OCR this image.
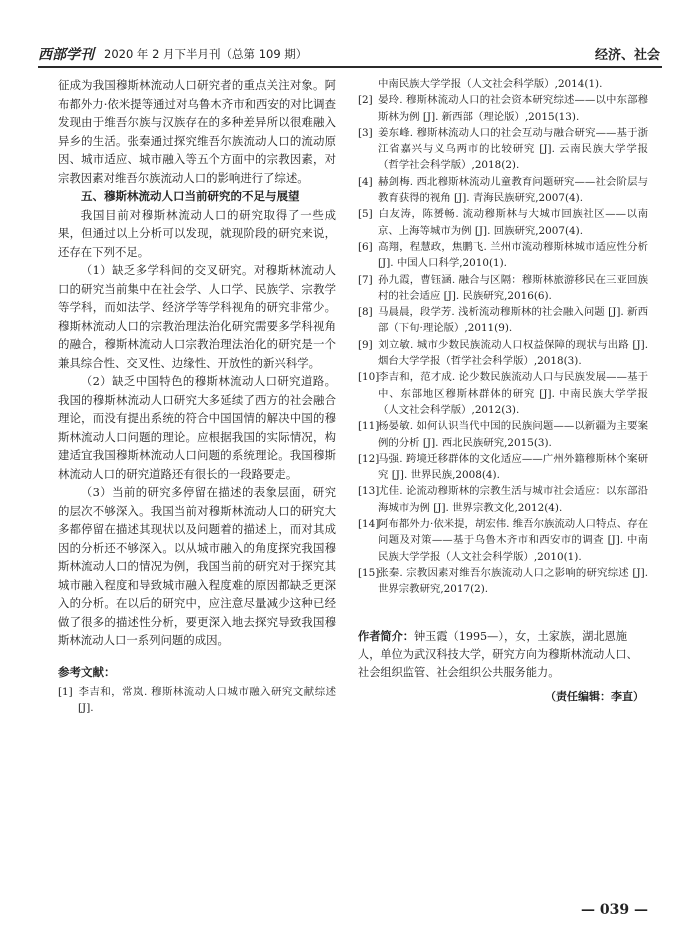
西部学刊 2020 年 2 月下半月刊（总第 109 期）	经济、社会

征成为我国穆斯林流动人口研究者的重点关注对象。阿布都外力·依米提等通过对乌鲁木齐市和西安的对比调查发现由于维吾尔族与汉族存在的多种差异所以很难融入异乡的生活。张秦通过探究维吾尔族流动人口的流动原因、城市适应、城市融入等五个方面中的宗教因素，对宗教因素对维吾尔族流动人口的影响进行了综述。

五、穆斯林流动人口当前研究的不足与展望

我国目前对穆斯林流动人口的研究取得了一些成果，但通过以上分析可以发现，就现阶段的研究来说，还存在下列不足。

（1）缺乏多学科间的交叉研究。对穆斯林流动人口的研究当前集中在社会学、人口学、民族学、宗教学等学科，而如法学、经济学等学科视角的研究非常少。穆斯林流动人口的宗教治理法治化研究需要多学科视角的融合，穆斯林流动人口宗教治理法治化的研究是一个兼具综合性、交叉性、边缘性、开放性的新兴科学。

（2）缺乏中国特色的穆斯林流动人口研究道路。我国的穆斯林流动人口研究大多延续了西方的社会融合理论，而没有提出系统的符合中国国情的解决中国的穆斯林流动人口问题的理论。应根据我国的实际情况，构建适宜我国穆斯林流动人口问题的系统理论。我国穆斯林流动人口的研究道路还有很长的一段路要走。

（3）当前的研究多停留在描述的表象层面，研究的层次不够深入。我国当前对穆斯林流动人口的研究大多都停留在描述其现状以及问题着的描述上，而对其成因的分析还不够深入。以从城市融入的角度探究我国穆斯林流动人口的情况为例，我国当前的研究对于探究其城市融入程度和导致城市融入程度难的原因都缺乏更深入的分析。在以后的研究中，应注意尽量减少这种已经做了很多的描述性分析，要更深入地去探究导致我国穆斯林流动人口一系列问题的成因。

参考文献：

[1] 李吉和，常岚. 穆斯林流动人口城市融入研究文献综述 [J].

中南民族大学学报（人文社会科学版）,2014(1).

[2] 晏玲. 穆斯林流动人口的社会资本研究综述——以中东部穆斯林为例 [J]. 新西部（理论版）,2015(13).

[3] 姜东峰. 穆斯林流动人口的社会互动与融合研究——基于浙江省嘉兴与义乌两市的比较研究 [J]. 云南民族大学学报（哲学社会科学版）,2018(2).

[4] 赫剑梅. 西北穆斯林流动儿童教育问题研究——社会阶层与教育获得的视角 [J]. 青海民族研究,2007(4).

[5] 白友涛，陈赟畅. 流动穆斯林与大城市回族社区——以南京、上海等城市为例 [J]. 回族研究,2007(4).

[6] 高翔，程慧政，焦鹏飞. 兰州市流动穆斯林城市适应性分析 [J]. 中国人口科学,2010(1).

[7] 孙九霞，曹钰涵. 融合与区隔：穆斯林旅游移民在三亚回族村的社会适应 [J]. 民族研究,2016(6).

[8] 马晨晨，段学芳. 浅析流动穆斯林的社会融入问题 [J]. 新西部（下旬·理论版）,2011(9).

[9] 刘立敏. 城市少数民族流动人口权益保障的现状与出路 [J]. 烟台大学学报（哲学社会科学版）,2018(3).

[10]李吉和，范才成. 论少数民族流动人口与民族发展——基于中、东部地区穆斯林群体的研究 [J]. 中南民族大学学报（人文社会科学版）,2012(3).

[11]杨晏敏. 如何认识当代中国的民族问题——以新疆为主要案例的分析 [J]. 西北民族研究,2015(3).

[12]马强. 跨境迁移群体的文化适应——广州外籍穆斯林个案研究 [J]. 世界民族,2008(4).

[13]尤佳. 论流动穆斯林的宗教生活与城市社会适应：以东部沿海城市为例 [J]. 世界宗教文化,2012(4).

[14]阿布都外力·依米提，胡宏伟. 维吾尔族流动人口特点、存在问题及对策——基于乌鲁木齐市和西安市的调查 [J]. 中南民族大学学报（人文社会科学版）,2010(1).

[15]张秦. 宗教因素对维吾尔族流动人口之影响的研究综述 [J]. 世界宗教研究,2017(2).

作者简介：钟玉霞（1995—），女，土家族，湖北恩施人，单位为武汉科技大学，研究方向为穆斯林流动人口、社会组织监管、社会组织公共服务能力。
（责任编辑：李直）
— 039 —
